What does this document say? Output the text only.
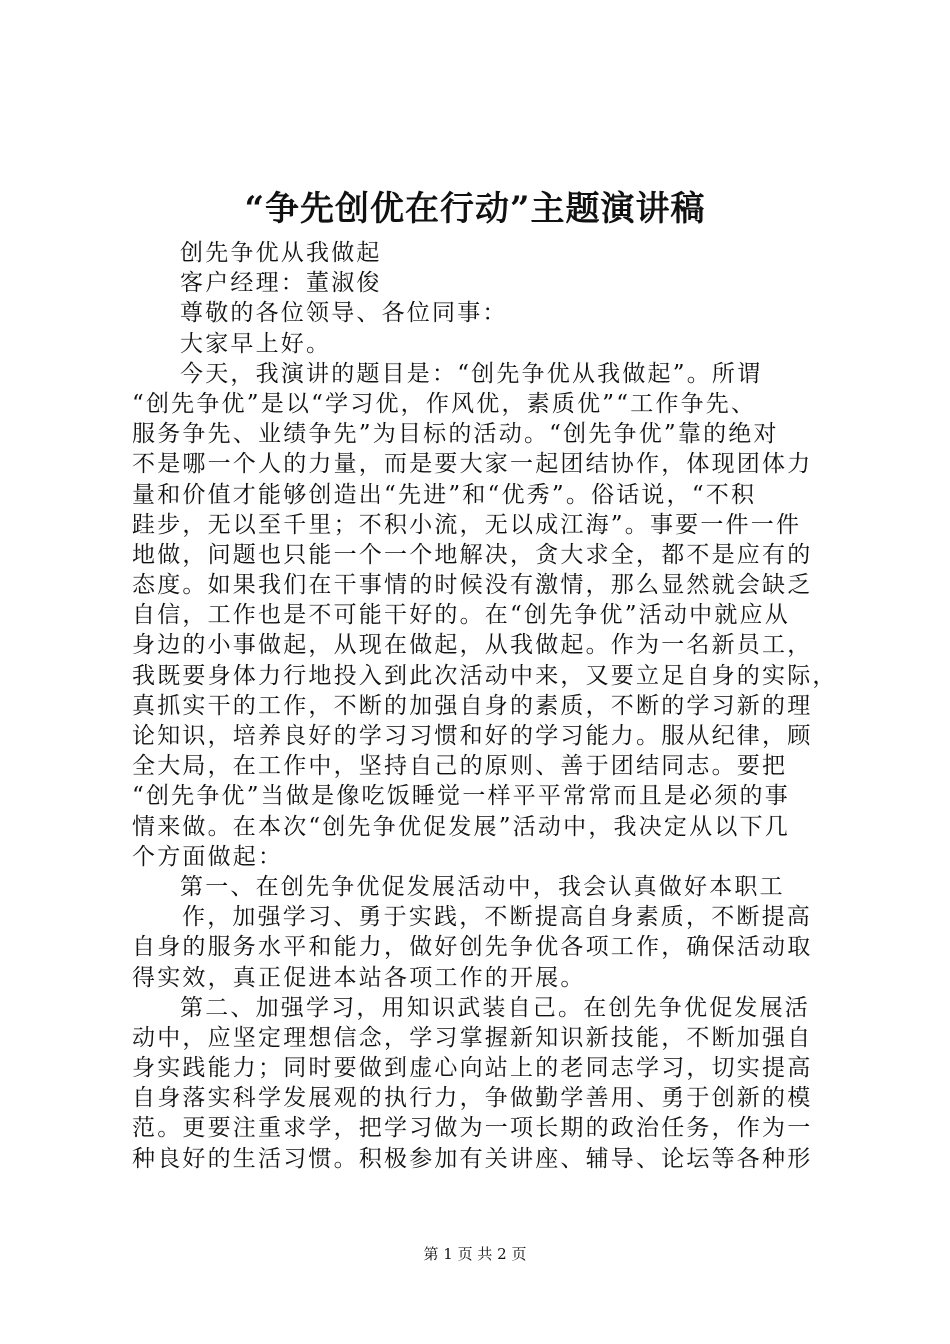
“争先创优在行动”主题演讲稿
创先争优从我做起
客户经理：董淑俊
尊敬的各位领导、各位同事：
大家早上好。
今天，我演讲的题目是：“创先争优从我做起”。所谓
“创先争优”是以“学习优，作风优，素质优”“工作争先、
服务争先、业绩争先”为目标的活动。“创先争优”靠的绝对
不是哪一个人的力量，而是要大家一起团结协作，体现团体力
量和价值才能够创造出“先进”和“优秀”。俗话说，“不积
跬步，无以至千里；不积小流，无以成江海”。事要一件一件
地做，问题也只能一个一个地解决，贪大求全，都不是应有的
态度。如果我们在干事情的时候没有激情，那么显然就会缺乏
自信，工作也是不可能干好的。在“创先争优”活动中就应从
身边的小事做起，从现在做起，从我做起。作为一名新员工，
我既要身体力行地投入到此次活动中来，又要立足自身的实际，
真抓实干的工作，不断的加强自身的素质，不断的学习新的理
论知识，培养良好的学习习惯和好的学习能力。服从纪律，顾
全大局，在工作中，坚持自己的原则、善于团结同志。要把
“创先争优”当做是像吃饭睡觉一样平平常常而且是必须的事
情来做。在本次“创先争优促发展”活动中，我决定从以下几
个方面做起：
第一、在创先争优促发展活动中，我会认真做好本职工
作，加强学习、勇于实践，不断提高自身素质，不断提高
自身的服务水平和能力，做好创先争优各项工作，确保活动取
得实效，真正促进本站各项工作的开展。
第二、加强学习，用知识武装自己。在创先争优促发展活
动中，应坚定理想信念，学习掌握新知识新技能，不断加强自
身实践能力；同时要做到虚心向站上的老同志学习，切实提高
自身落实科学发展观的执行力，争做勤学善用、勇于创新的模
范。更要注重求学，把学习做为一项长期的政治任务，作为一
种良好的生活习惯。积极参加有关讲座、辅导、论坛等各种形
第 1 页 共 2 页
